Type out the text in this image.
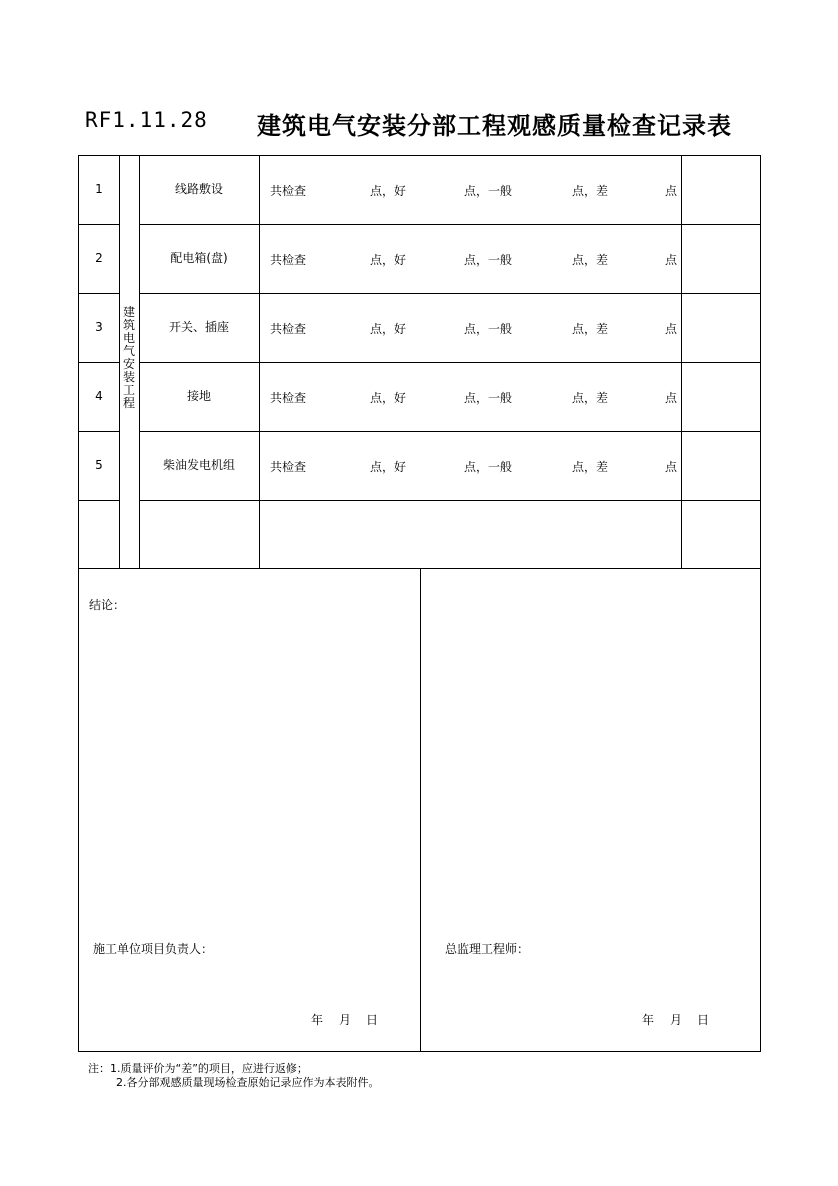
RF1.11.28 建筑电气安装分部工程观感质量检查记录表
建
筑
电
气
安
装
工
程
1	线路敷设	共检查	点，好	点，一般	点，差	点
2	配电箱(盘)	共检查	点，好	点，一般	点，差	点
3	开关、插座	共检查	点，好	点，一般	点，差	点
4	接地	共检查	点，好	点，一般	点，差	点
5	柴油发电机组	共检查	点，好	点，一般	点，差	点
结论：
施工单位项目负责人：	总监理工程师：
年 月 日	年 月 日
注：1.质量评价为“差”的项目，应进行返修；
2.各分部观感质量现场检查原始记录应作为本表附件。
